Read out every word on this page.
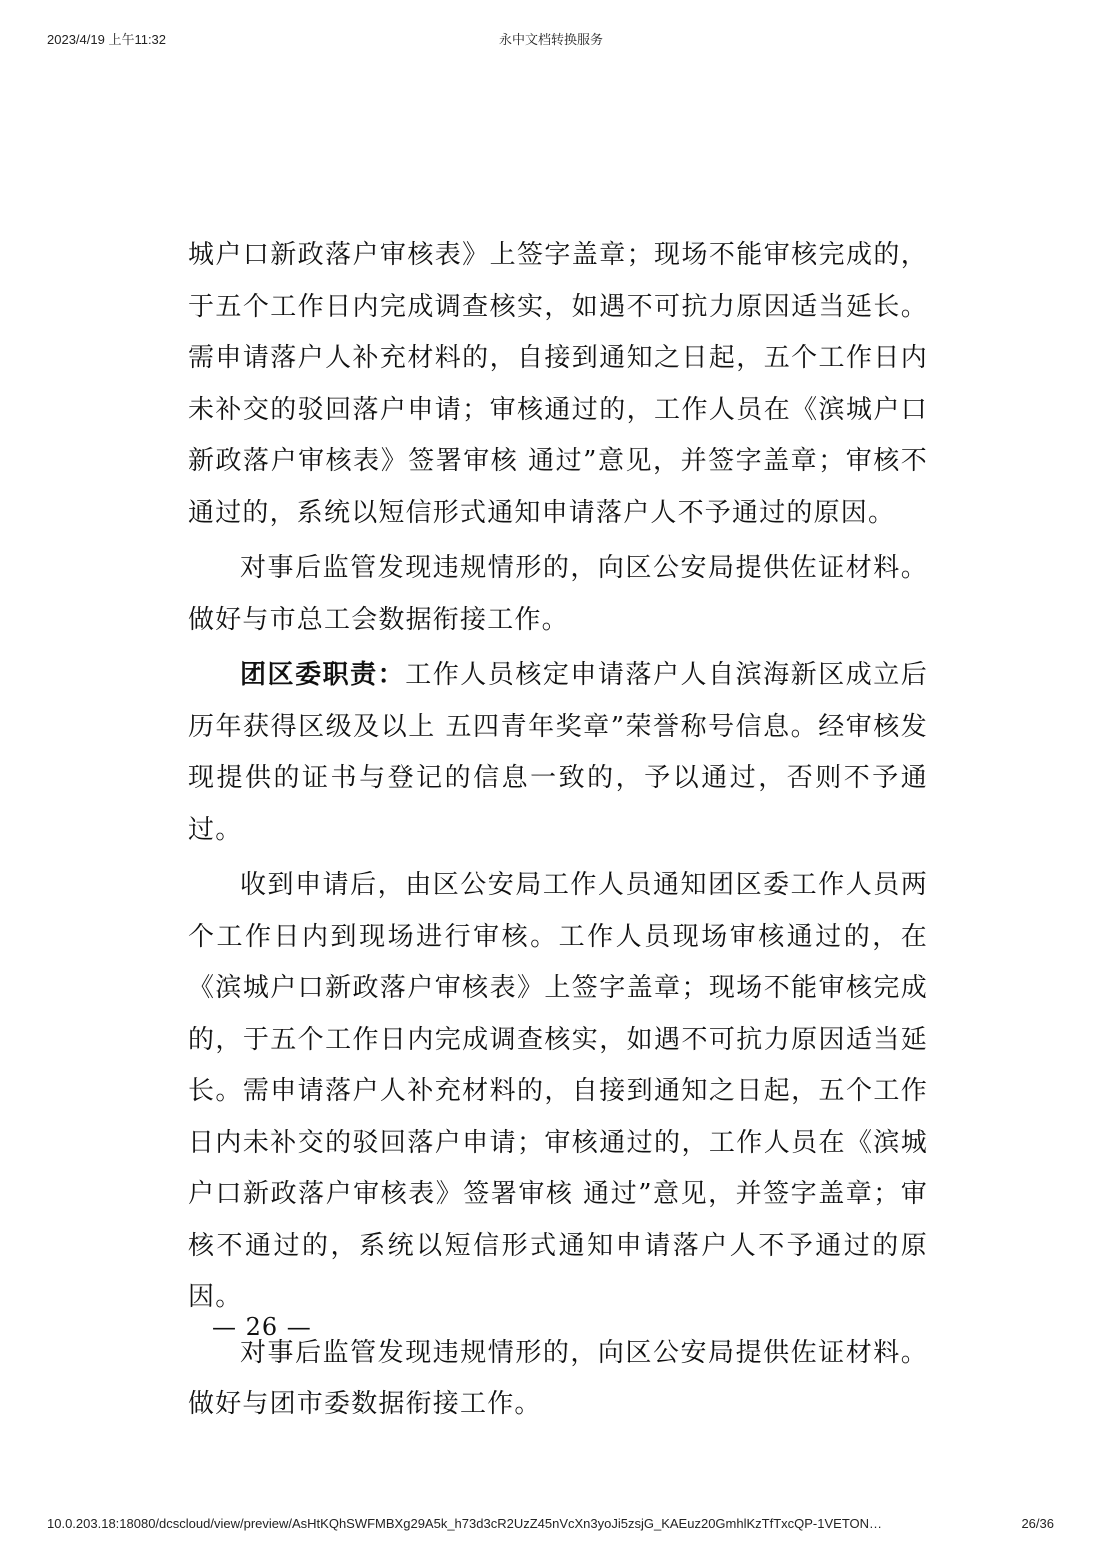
2023/4/19 上午11:32	永中文档转换服务

城户口新政落户审核表》上签字盖章；现场不能审核完成的，于五个工作日内完成调查核实，如遇不可抗力原因适当延长。需申请落户人补充材料的，自接到通知之日起，五个工作日内未补交的驳回落户申请；审核通过的，工作人员在《滨城户口新政落户审核表》签署审核 通过”意见，并签字盖章；审核不通过的，系统以短信形式通知申请落户人不予通过的原因。

对事后监管发现违规情形的，向区公安局提供佐证材料。做好与市总工会数据衔接工作。

团区委职责：工作人员核定申请落户人自滨海新区成立后历年获得区级及以上 五四青年奖章”荣誉称号信息。经审核发现提供的证书与登记的信息一致的，予以通过，否则不予通过。

收到申请后，由区公安局工作人员通知团区委工作人员两个工作日内到现场进行审核。工作人员现场审核通过的，在《滨城户口新政落户审核表》上签字盖章；现场不能审核完成的，于五个工作日内完成调查核实，如遇不可抗力原因适当延长。需申请落户人补充材料的，自接到通知之日起，五个工作日内未补交的驳回落户申请；审核通过的，工作人员在《滨城户口新政落户审核表》签署审核 通过”意见，并签字盖章；审核不通过的，系统以短信形式通知申请落户人不予通过的原因。

对事后监管发现违规情形的，向区公安局提供佐证材料。做好与团市委数据衔接工作。

— 26 —
10.0.203.18:18080/dcscloud/view/preview/AsHtKQhSWFMBXg29A5k_h73d3cR2UzZ45nVcXn3yoJi5zsjG_KAEuz20GmhlKzTfTxcQP-1VETON…	26/36
